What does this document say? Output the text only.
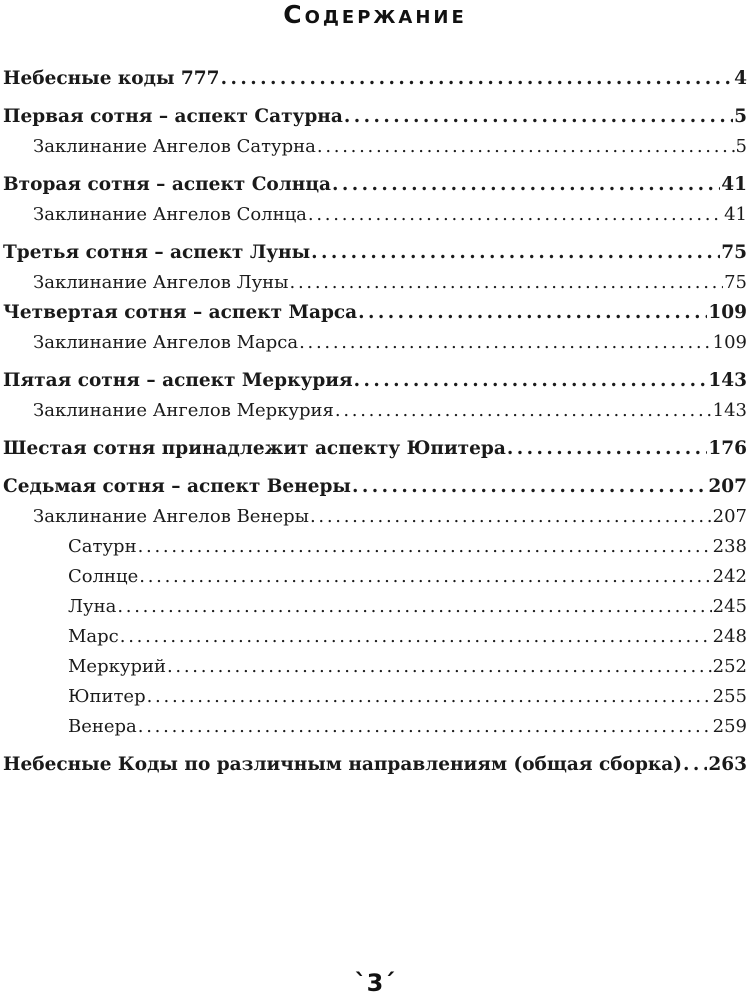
Содержание
Небесные коды 777 . . .	4
Первая сотня – аспект Сатурна . . .	5
Заклинание Ангелов Сатурна . . .	5
Вторая сотня – аспект Солнца . . .	41
Заклинание Ангелов Солнца . . .	41
Третья сотня – аспект Луны . . .	75
Заклинание Ангелов Луны . . .	75
Четвертая сотня – аспект Марса . . .	109
Заклинание Ангелов Марса . . .	109
Пятая сотня – аспект Меркурия . . .	143
Заклинание Ангелов Меркурия . . .	143
Шестая сотня принадлежит аспекту Юпитера . . .	176
Седьмая сотня – аспект Венеры . . .	207
Заклинание Ангелов Венеры . . .	207
Сатурн . . .	238
Солнце . . .	242
Луна . . .	245
Марс . . .	248
Меркурий . . .	252
Юпитер . . .	255
Венера . . .	259
Небесные Коды по различным направлениям (общая сборка) . . . 263
`3´
